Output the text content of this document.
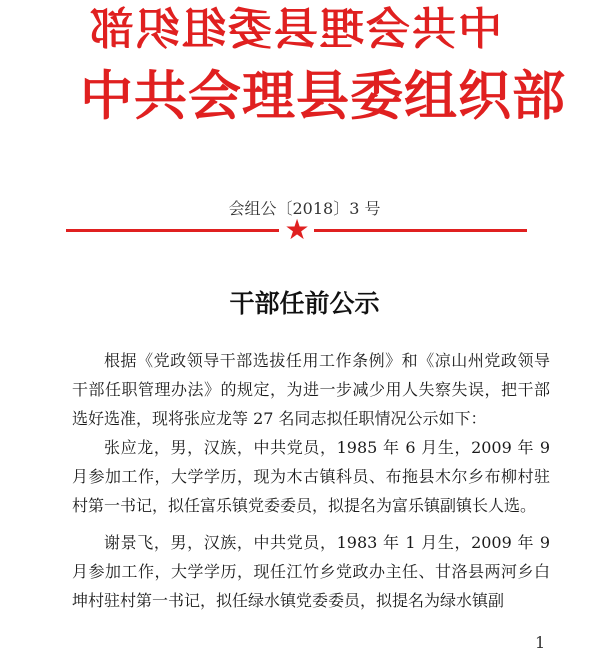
中共会理县委组织部
中共会理县委组织部
会组公〔2018〕3 号
★
干部任前公示

根据《党政领导干部选拔任用工作条例》和《凉山州党政领导干部任职管理办法》的规定，为进一步减少用人失察失误，把干部选好选准，现将张应龙等 27 名同志拟任职情况公示如下：

张应龙，男，汉族，中共党员，1985 年 6 月生，2009 年 9 月参加工作，大学学历，现为木古镇科员、布拖县木尔乡布柳村驻村第一书记，拟任富乐镇党委委员，拟提名为富乐镇副镇长人选。

谢景飞，男，汉族，中共党员，1983 年 1 月生，2009 年 9 月参加工作，大学学历，现任江竹乡党政办主任、甘洛县两河乡白坤村驻村第一书记，拟任绿水镇党委委员，拟提名为绿水镇副

1
